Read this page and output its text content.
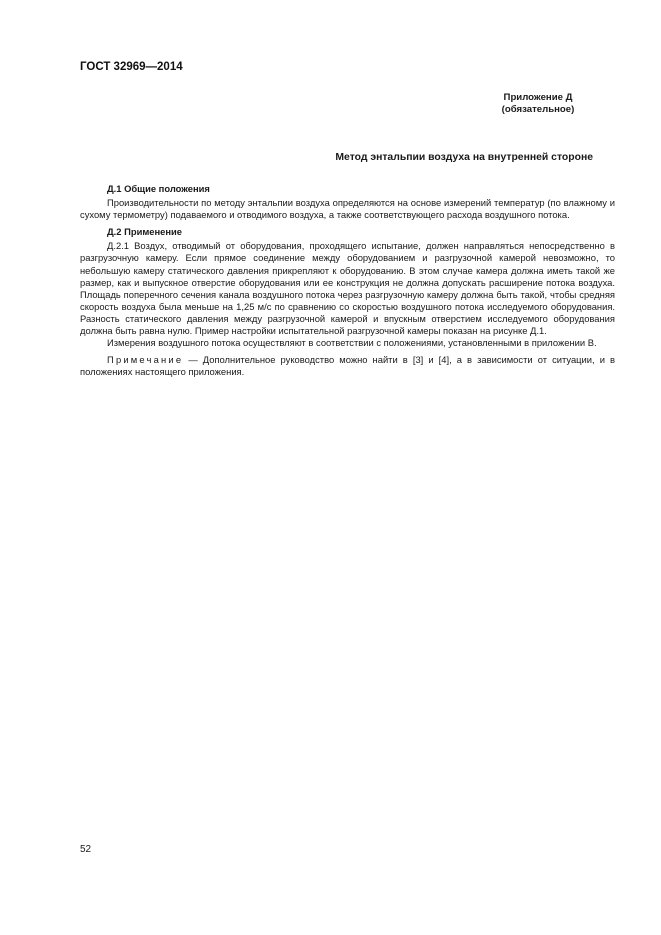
ГОСТ 32969—2014
Приложение Д
(обязательное)
Метод энтальпии воздуха на внутренней стороне

Д.1 Общие положения

Производительности по методу энтальпии воздуха определяются на основе измерений температур (по влажному и сухому термометру) подаваемого и отводимого воздуха, а также соответствующего расхода воздушного потока.

Д.2 Применение

Д.2.1 Воздух, отводимый от оборудования, проходящего испытание, должен направляться непосредственно в разгрузочную камеру. Если прямое соединение между оборудованием и разгрузочной камерой невозможно, то небольшую камеру статического давления прикрепляют к оборудованию. В этом случае камера должна иметь такой же размер, как и выпускное отверстие оборудования или ее конструкция не должна допускать расширение потока воздуха. Площадь поперечного сечения канала воздушного потока через разгрузочную камеру должна быть такой, чтобы средняя скорость воздуха была меньше на 1,25 м/с по сравнению со скоростью воздушного потока исследуемого оборудования. Разность статического давления между разгрузочной камерой и впускным отверстием исследуемого оборудования должна быть равна нулю. Пример настройки испытательной разгрузочной камеры показан на рисунке Д.1.

Измерения воздушного потока осуществляют в соответствии с положениями, установленными в приложении В.

Примечание — Дополнительное руководство можно найти в [3] и [4], а в зависимости от ситуации, и в положениях настоящего приложения.

52
